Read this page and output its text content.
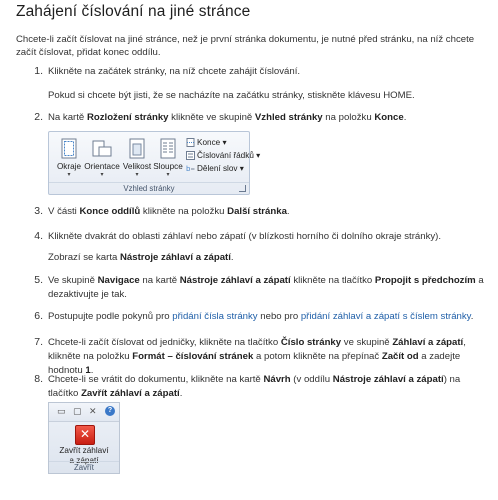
Zahájení číslování na jiné stránce

Chcete-li začít číslovat na jiné stránce, než je první stránka dokumentu, je nutné před stránku, na níž chcete začít číslovat, přidat konec oddílu.

1. Klikněte na začátek stránky, na níž chcete zahájit číslování.

Pokud si chcete být jisti, že se nacházíte na začátku stránky, stiskněte klávesu HOME.

2. Na kartě Rozložení stránky klikněte ve skupině Vzhled stránky na položku Konce.

Okraje
▾
Orientace
▾
Velikost
▾
Sloupce
▾
Konce ▾
Číslování řádků ▾
b Dělení slov ▾
Vzhled stránky
3. V části Konce oddílů klikněte na položku Další stránka.

4. Klikněte dvakrát do oblasti záhlaví nebo zápatí (v blízkosti horního či dolního okraje stránky).

Zobrazí se karta Nástroje záhlaví a zápatí.

5. Ve skupině Navigace na kartě Nástroje záhlaví a zápatí klikněte na tlačítko Propojit s předchozím a dezaktivujte je tak.

6. Postupujte podle pokynů pro přidání čísla stránky nebo pro přidání záhlaví a zápatí s číslem stránky.

7. Chcete-li začít číslovat od jedničky, klikněte na tlačítko Číslo stránky ve skupině Záhlaví a zápatí, klikněte na položku Formát – číslování stránek a potom klikněte na přepínač Začít od a zadejte hodnotu 1.

8. Chcete-li se vrátit do dokumentu, klikněte na kartě Návrh (v oddílu Nástroje záhlaví a zápatí) na tlačítko Zavřít záhlaví a zápatí.

▭ ▢ ✕	?
✕
Zavřít záhlaví
a zápatí
Zavřít
